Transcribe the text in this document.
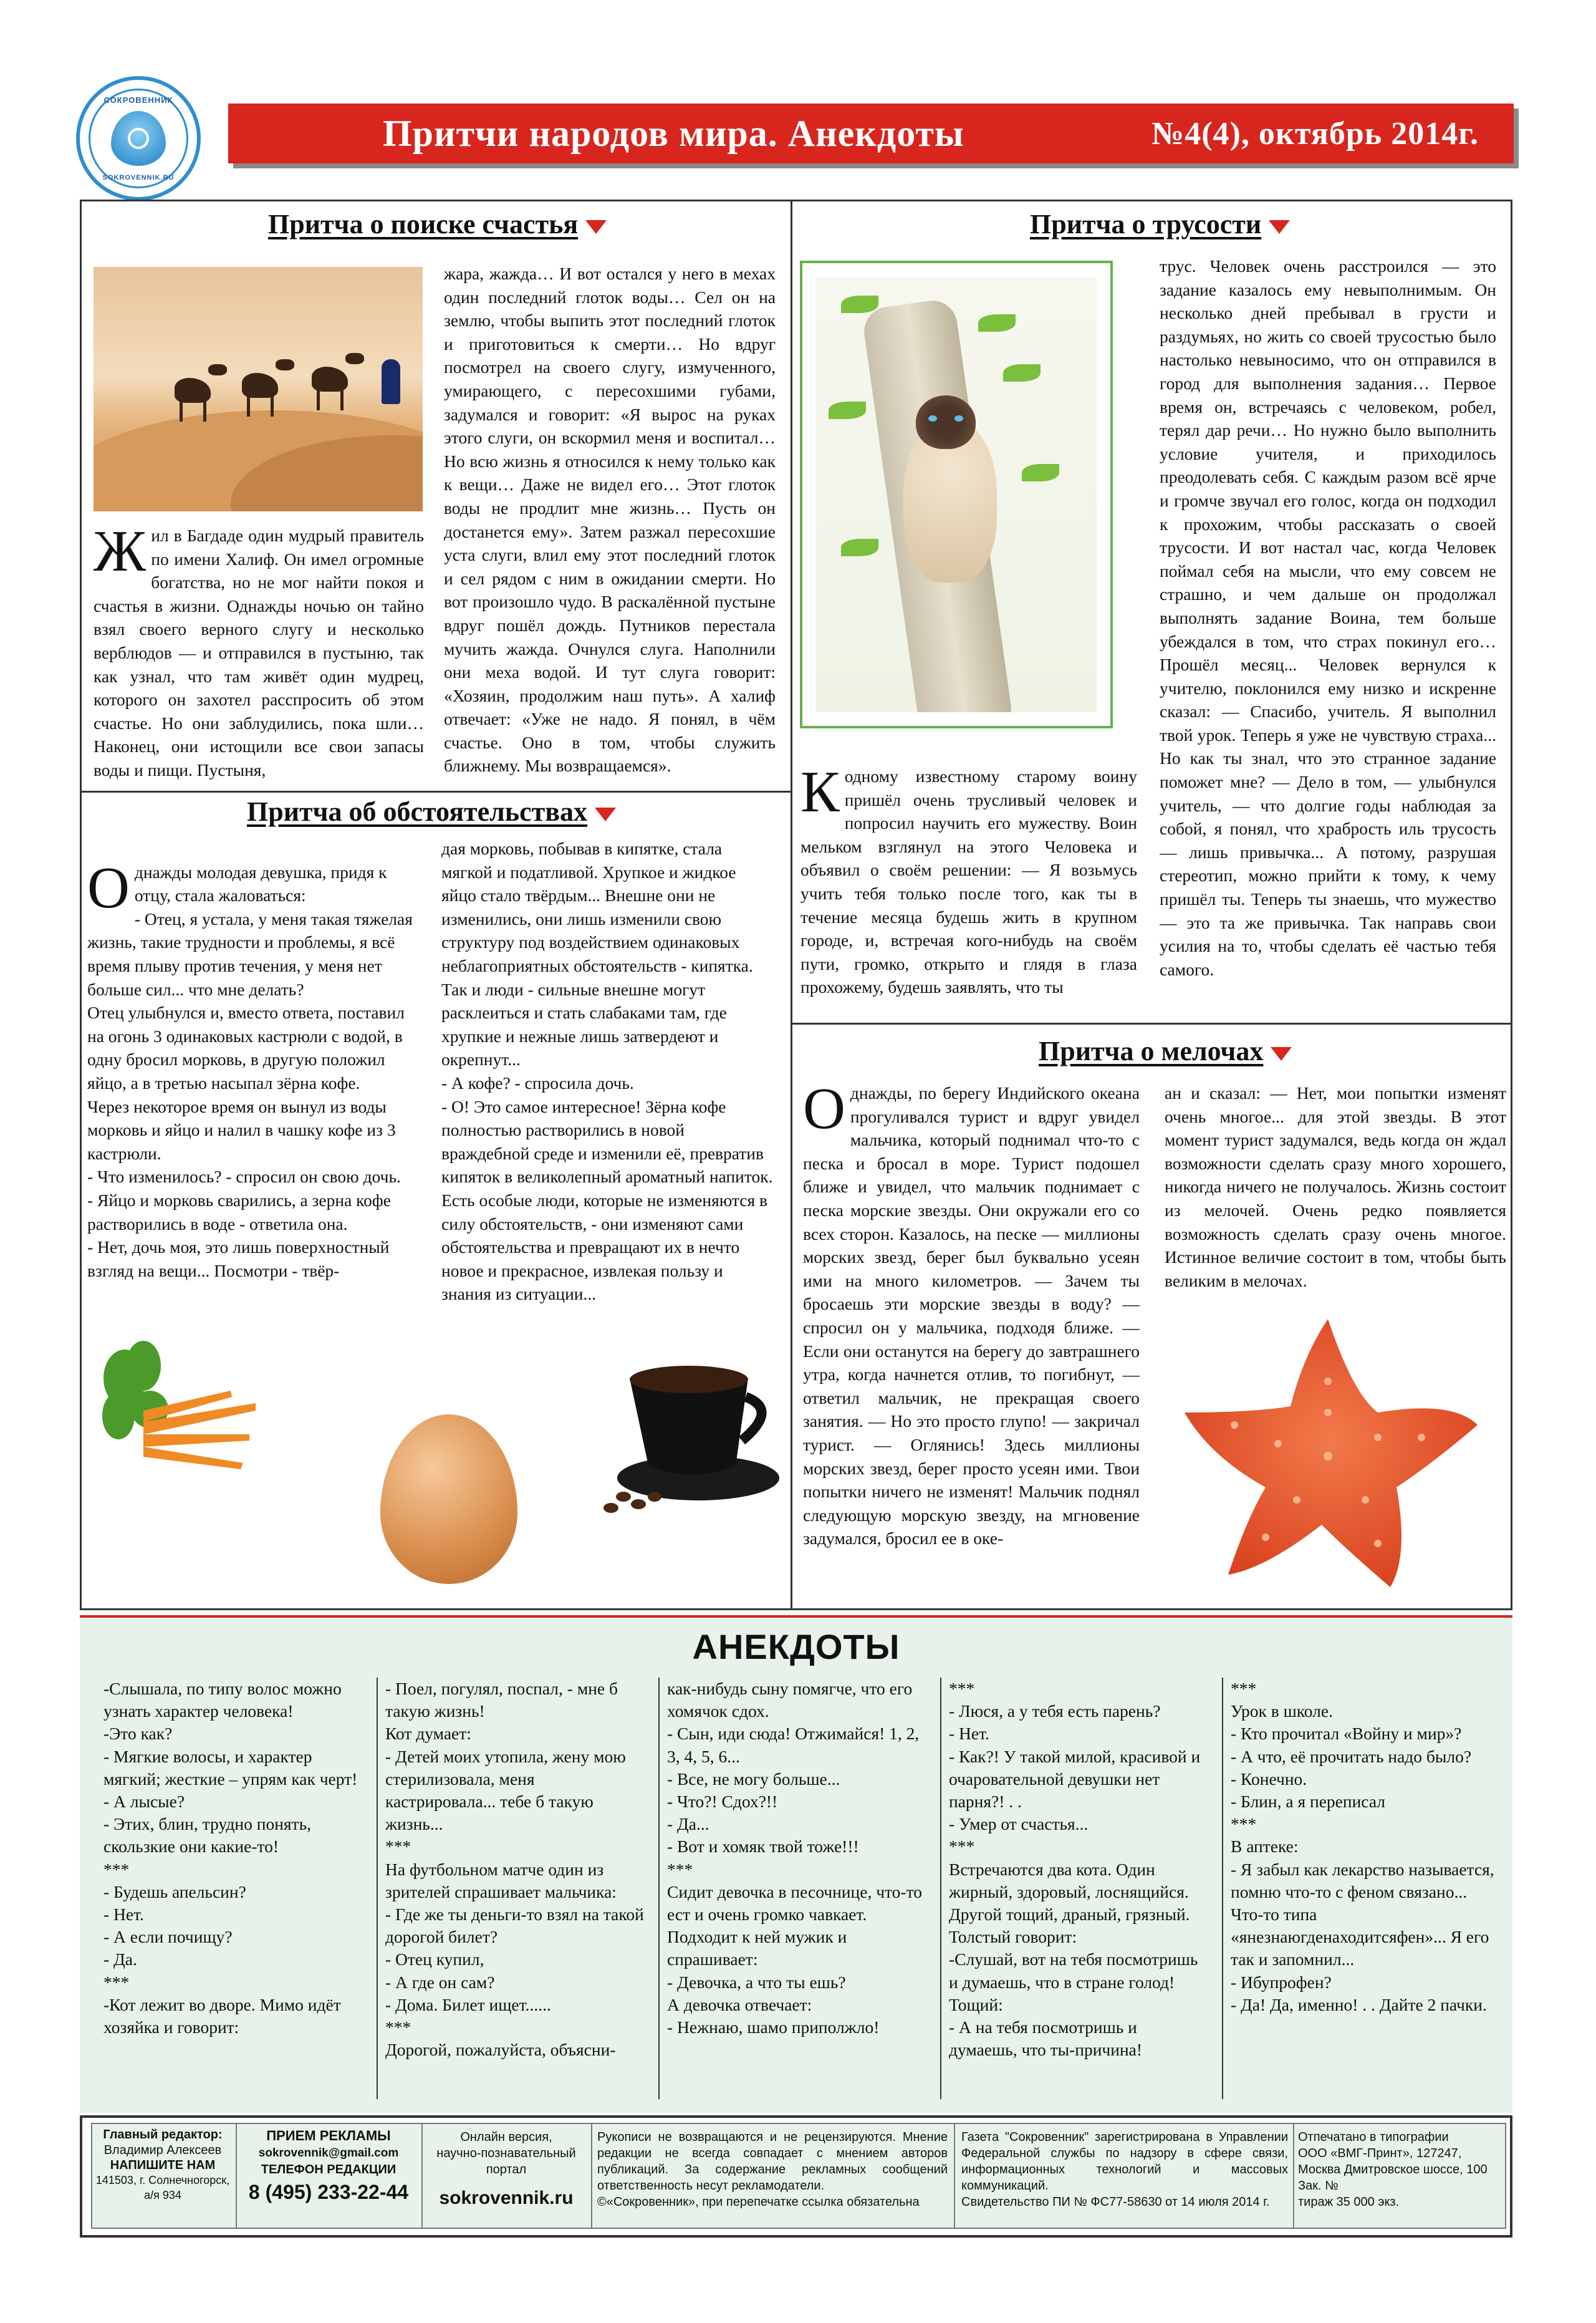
СОКРОВЕННИК
SOKROVENNIK.RU
Притчи народов мира. Анекдоты	№4(4), октябрь 2014г.
Притча о поиске счастья
Жил в Багдаде один мудрый правитель по имени Халиф. Он имел огромные богатства, но не мог найти покоя и счастья в жизни. Однажды ночью он тайно взял своего верного слугу и несколько верблюдов — и отправился в пустыню, так как узнал, что там живёт один мудрец, которого он захотел расспросить об этом счастье. Но они заблудились, пока шли… Наконец, они истощили все свои запасы воды и пищи. Пустыня,
жара, жажда… И вот остался у него в мехах один последний глоток воды… Сел он на землю, чтобы выпить этот последний глоток и приготовиться к смерти… Но вдруг посмотрел на своего слугу, измученного, умирающего, с пересохшими губами, задумался и говорит: «Я вырос на руках этого слуги, он вскормил меня и воспитал… Но всю жизнь я относился к нему только как к вещи… Даже не видел его… Этот глоток воды не продлит мне жизнь… Пусть он достанется ему». Затем разжал пересохшие уста слуги, влил ему этот последний глоток и сел рядом с ним в ожидании смерти. Но вот произошло чудо. В раскалённой пустыне вдруг пошёл дождь. Путников перестала мучить жажда. Очнулся слуга. Наполнили они меха водой. И тут слуга говорит: «Хозяин, продолжим наш путь». А халиф отвечает: «Уже не надо. Я понял, в чём счастье. Оно в том, чтобы служить ближнему. Мы возвращаемся».
Притча об обстоятельствах

Однажды молодая девушка, придя к отцу, стала жаловаться:
- Отец, я устала, у меня такая тяжелая жизнь, такие трудности и проблемы, я всё время плыву против течения, у меня нет больше сил... что мне делать?
Отец улыбнулся и, вместо ответа, поставил на огонь 3 одинаковых кастрюли с водой, в одну бросил морковь, в другую положил яйцо, а в третью насыпал зёрна кофе.
Через некоторое время он вынул из воды морковь и яйцо и налил в чашку кофе из 3 кастрюли.
- Что изменилось? - спросил он свою дочь.
- Яйцо и морковь сварились, а зерна кофе растворились в воде - ответила она.
- Нет, дочь моя, это лишь поверхностный взгляд на вещи... Посмотри - твёр-

дая морковь, побывав в кипятке, стала мягкой и податливой. Хрупкое и жидкое яйцо стало твёрдым... Внешне они не изменились, они лишь изменили свою структуру под воздействием одинаковых неблагоприятных обстоятельств - кипятка. Так и люди - сильные внешне могут расклеиться и стать слабаками там, где хрупкие и нежные лишь затвердеют и окрепнут...
- А кофе? - спросила дочь.
- О! Это самое интересное! Зёрна кофе полностью растворились в новой враждебной среде и изменили её, превратив кипяток в великолепный ароматный напиток.
Есть особые люди, которые не изменяются в силу обстоятельств, - они изменяют сами обстоятельства и превращают их в нечто новое и прекрасное, извлекая пользу и знания из ситуации...
Притча о трусости
Кодному известному старому воину пришёл очень трусливый человек и попросил научить его мужеству. Воин мельком взглянул на этого Человека и объявил о своём решении: — Я возьмусь учить тебя только после того, как ты в течение месяца будешь жить в крупном городе, и, встречая кого-нибудь на своём пути, громко, открыто и глядя в глаза прохожему, будешь заявлять, что ты
трус. Человек очень расстроился — это задание казалось ему невыполнимым. Он несколько дней пребывал в грусти и раздумьях, но жить со своей трусостью было настолько невыносимо, что он отправился в город для выполнения задания… Первое время он, встречаясь с человеком, робел, терял дар речи… Но нужно было выполнить условие учителя, и приходилось преодолевать себя. С каждым разом всё ярче и громче звучал его голос, когда он подходил к прохожим, чтобы рассказать о своей трусости. И вот настал час, когда Человек поймал себя на мысли, что ему совсем не страшно, и чем дальше он продолжал выполнять задание Воина, тем больше убеждался в том, что страх покинул его… Прошёл месяц... Человек вернулся к учителю, поклонился ему низко и искренне сказал: — Спасибо, учитель. Я выполнил твой урок. Теперь я уже не чувствую страха... Но как ты знал, что это странное задание поможет мне? — Дело в том, — улыбнулся учитель, — что долгие годы наблюдая за собой, я понял, что храбрость иль трусость — лишь привычка... А потому, разрушая стереотип, можно прийти к тому, к чему пришёл ты. Теперь ты знаешь, что мужество — это та же привычка. Так направь свои усилия на то, чтобы сделать её частью тебя самого.
Притча о мелочах
Однажды, по берегу Индийского океана прогуливался турист и вдруг увидел мальчика, который поднимал что-то с песка и бросал в море. Турист подошел ближе и увидел, что мальчик поднимает с песка морские звезды. Они окружали его со всех сторон. Казалось, на песке — миллионы морских звезд, берег был буквально усеян ими на много километров. — Зачем ты бросаешь эти морские звезды в воду? — спросил он у мальчика, подходя ближе. — Если они останутся на берегу до завтрашнего утра, когда начнется отлив, то погибнут, — ответил мальчик, не прекращая своего занятия. — Но это просто глупо! — закричал турист. — Оглянись! Здесь миллионы морских звезд, берег просто усеян ими. Твои попытки ничего не изменят! Мальчик поднял следующую морскую звезду, на мгновение задумался, бросил ее в оке-
ан и сказал: — Нет, мои попытки изменят очень многое... для этой звезды. В этот момент турист задумался, ведь когда он ждал возможности сделать сразу много хорошего, никогда ничего не получалось. Жизнь состоит из мелочей. Очень редко появляется возможность сделать сразу очень многое. Истинное величие состоит в том, чтобы быть великим в мелочах.
АНЕКДОТЫ
-Слышала, по типу волос можно узнать характер человека!
-Это как?
- Мягкие волосы, и характер мягкий; жесткие – упрям как черт!
- А лысые?
- Этих, блин, трудно понять, скользкие они какие-то!
***
- Будешь апельсин?
- Нет.
- А если почищу?
- Да.
***
-Кот лежит во дворе. Мимо идёт хозяйка и говорит:
- Поел, погулял, поспал, - мне б такую жизнь!
Кот думает:
- Детей моих утопила, жену мою стерилизовала, меня кастрировала... тебе б такую жизнь...
***
На футбольном матче один из зрителей спрашивает мальчика:
- Где же ты деньги-то взял на такой дорогой билет?
- Отец купил,
- А где он сам?
- Дома. Билет ищет......
***
Дорогой, пожалуйста, объясни-
как-нибудь сыну помягче, что его хомячок сдох.
- Сын, иди сюда! Отжимайся! 1, 2, 3, 4, 5, 6...
- Все, не могу больше...
- Что?! Сдох?!!
- Да...
- Вот и хомяк твой тоже!!!
***
Сидит девочка в песочнице, что-то ест и очень громко чавкает.
Подходит к ней мужик и спрашивает:
- Девочка, а что ты ешь?
А девочка отвечает:
- Нежнаю, шамо приполжло!
***
- Люся, а у тебя есть парень?
- Нет.
- Как?! У такой милой, красивой и очаровательной девушки нет парня?! . .
- Умер от счастья...
***
Встречаются два кота. Один жирный, здоровый, лоснящийся. Другой тощий, драный, грязный. Толстый говорит:
-Слушай, вот на тебя посмотришь и думаешь, что в стране голод!
Тощий:
- А на тебя посмотришь и думаешь, что ты-причина!
***
Урок в школе.
- Кто прочитал «Войну и мир»?
- А что, её прочитать надо было?
- Конечно.
- Блин, а я переписал
***
В аптеке:
- Я забыл как лекарство называется, помню что-то с феном связано... Что-то типа «янезнаюгденаходитсяфен»... Я его так и запомнил...
- Ибупрофен?
- Да! Да, именно! . . Дайте 2 пачки.
Главный редактор:
Владимир Алексеев
НАПИШИТЕ НАМ
141503, г. Солнечногорск,
а/я 934
ПРИЕМ РЕКЛАМЫ
sokrovennik@gmail.com
ТЕЛЕФОН РЕДАКЦИИ
8 (495) 233-22-44
Онлайн версия,
научно-познавательный
портал
sokrovennik.ru
Рукописи не возвращаются и не рецензируются. Мнение редакции не всегда совпадает с мнением авторов публикаций. За содержание рекламных сообщений ответственность несут рекламодатели.
©«Сокровенник», при перепечатке ссылка обязательна
Газета "Сокровенник" зарегистрирована в Управлении Федеральной службы по надзору в сфере связи, информационных технологий и массовых коммуникаций.
Свидетельство ПИ № ФС77-58630 от 14 июля 2014 г.
Отпечатано в типографии
ООО «ВМГ-Принт», 127247,
Москва Дмитровское шоссе, 100
Зак. №
тираж 35 000 экз.
